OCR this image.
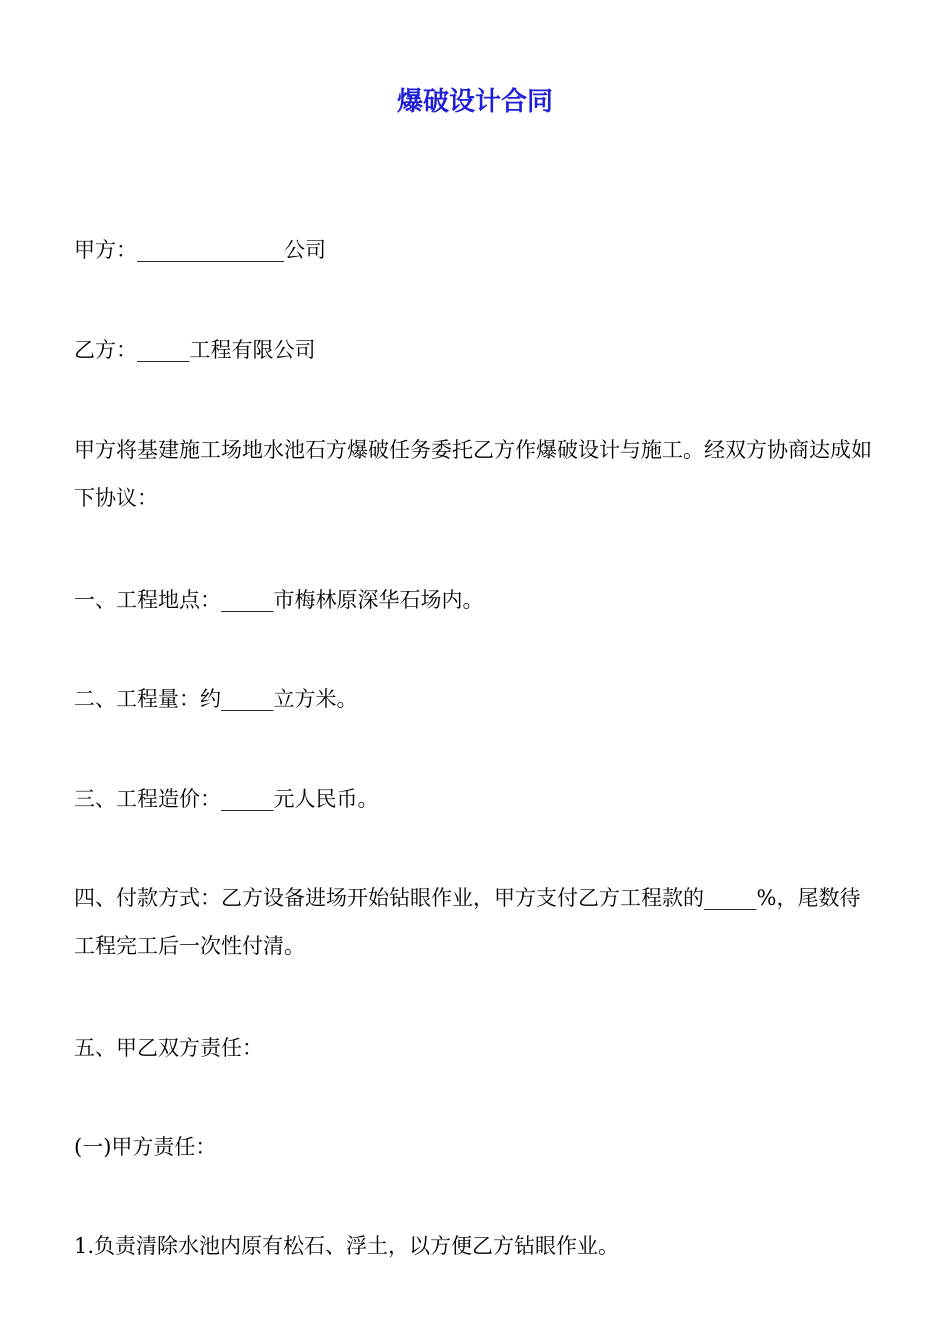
爆破设计合同

甲方：______________公司

乙方：_____工程有限公司

甲方将基建施工场地水池石方爆破任务委托乙方作爆破设计与施工。经双方协商达成如下协议：

一、工程地点：_____市梅林原深华石场内。

二、工程量：约_____立方米。

三、工程造价：_____元人民币。

四、付款方式：乙方设备进场开始钻眼作业，甲方支付乙方工程款的_____%，尾数待工程完工后一次性付清。

五、甲乙双方责任：

(一)甲方责任：

1.负责清除水池内原有松石、浮土，以方便乙方钻眼作业。
